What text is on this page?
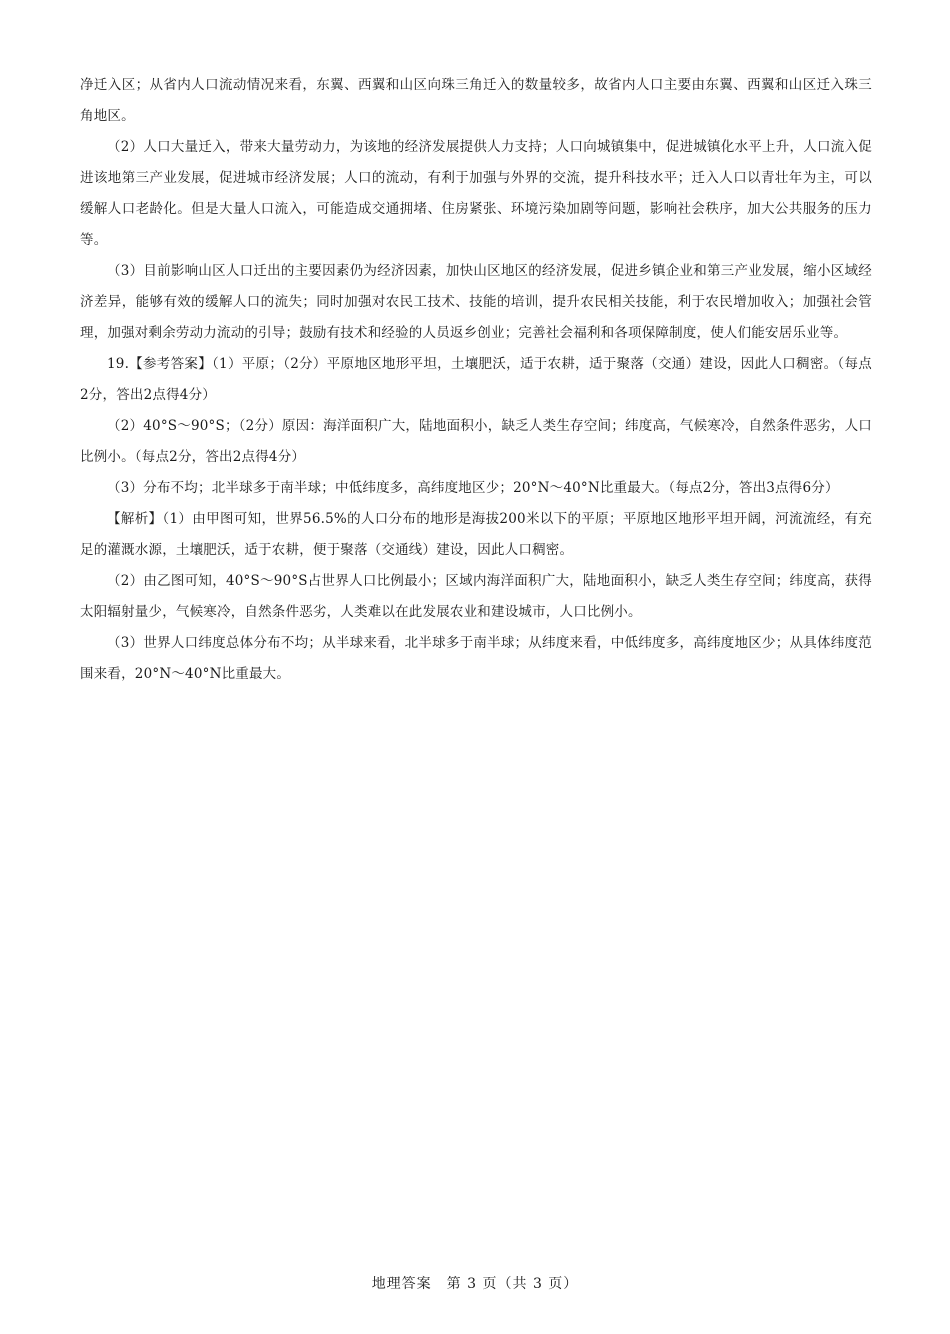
净迁入区；从省内人口流动情况来看，东翼、西翼和山区向珠三角迁入的数量较多，故省内人口主要由东翼、西翼和山区迁入珠三角地区。

（2）人口大量迁入，带来大量劳动力，为该地的经济发展提供人力支持；人口向城镇集中，促进城镇化水平上升，人口流入促进该地第三产业发展，促进城市经济发展；人口的流动，有利于加强与外界的交流，提升科技水平；迁入人口以青壮年为主，可以缓解人口老龄化。但是大量人口流入，可能造成交通拥堵、住房紧张、环境污染加剧等问题，影响社会秩序，加大公共服务的压力等。

（3）目前影响山区人口迁出的主要因素仍为经济因素，加快山区地区的经济发展，促进乡镇企业和第三产业发展，缩小区域经济差异，能够有效的缓解人口的流失；同时加强对农民工技术、技能的培训，提升农民相关技能，利于农民增加收入；加强社会管理，加强对剩余劳动力流动的引导；鼓励有技术和经验的人员返乡创业；完善社会福利和各项保障制度，使人们能安居乐业等。

19.【参考答案】（1）平原；（2分）平原地区地形平坦，土壤肥沃，适于农耕，适于聚落（交通）建设，因此人口稠密。（每点2分，答出2点得4分）

（2）40°S～90°S；（2分）原因：海洋面积广大，陆地面积小，缺乏人类生存空间；纬度高，气候寒冷，自然条件恶劣，人口比例小。（每点2分，答出2点得4分）

（3）分布不均；北半球多于南半球；中低纬度多，高纬度地区少；20°N～40°N比重最大。（每点2分，答出3点得6分）

【解析】（1）由甲图可知，世界56.5%的人口分布的地形是海拔200米以下的平原；平原地区地形平坦开阔，河流流经，有充足的灌溉水源，土壤肥沃，适于农耕，便于聚落（交通线）建设，因此人口稠密。

（2）由乙图可知，40°S～90°S占世界人口比例最小；区域内海洋面积广大，陆地面积小，缺乏人类生存空间；纬度高，获得太阳辐射量少，气候寒冷，自然条件恶劣，人类难以在此发展农业和建设城市，人口比例小。

（3）世界人口纬度总体分布不均；从半球来看，北半球多于南半球；从纬度来看，中低纬度多，高纬度地区少；从具体纬度范围来看，20°N～40°N比重最大。

地理答案　第 3 页（共 3 页）
